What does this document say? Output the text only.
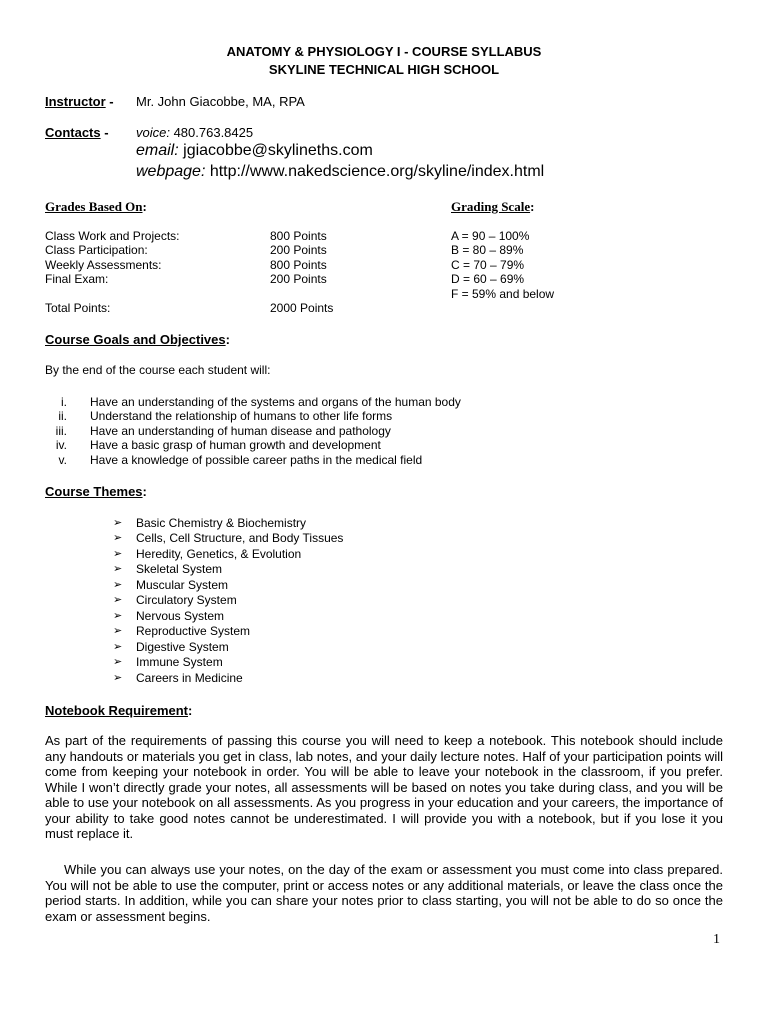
ANATOMY & PHYSIOLOGY I - COURSE SYLLABUS
SKYLINE TECHNICAL HIGH SCHOOL
Instructor - Mr. John Giacobbe, MA, RPA
Contacts - voice: 480.763.8425
email: jgiacobbe@skylineths.com
webpage: http://www.nakedscience.org/skyline/index.html
Grades Based On:	Grading Scale:
Class Work and Projects:	800 Points
Class Participation:	200 Points
Weekly Assessments:	800 Points
Final Exam:	200 Points
Total Points:	2000 Points
A = 90 – 100%
B = 80 – 89%
C = 70 – 79%
D = 60 – 69%
F = 59% and below
Course Goals and Objectives:
By the end of the course each student will:
i. Have an understanding of the systems and organs of the human body
ii. Understand the relationship of humans to other life forms
iii. Have an understanding of human disease and pathology
iv. Have a basic grasp of human growth and development
v. Have a knowledge of possible career paths in the medical field
Course Themes:
➢ Basic Chemistry & Biochemistry
➢ Cells, Cell Structure, and Body Tissues
➢ Heredity, Genetics, & Evolution
➢ Skeletal System
➢ Muscular System
➢ Circulatory System
➢ Nervous System
➢ Reproductive System
➢ Digestive System
➢ Immune System
➢ Careers in Medicine
Notebook Requirement:
As part of the requirements of passing this course you will need to keep a notebook. This notebook should include any handouts or materials you get in class, lab notes, and your daily lecture notes. Half of your participation points will come from keeping your notebook in order. You will be able to leave your notebook in the classroom, if you prefer. While I won’t directly grade your notes, all assessments will be based on notes you take during class, and you will be able to use your notebook on all assessments. As you progress in your education and your careers, the importance of your ability to take good notes cannot be underestimated. I will provide you with a notebook, but if you lose it you must replace it.
While you can always use your notes, on the day of the exam or assessment you must come into class prepared. You will not be able to use the computer, print or access notes or any additional materials, or leave the class once the period starts. In addition, while you can share your notes prior to class starting, you will not be able to do so once the exam or assessment begins.
1
